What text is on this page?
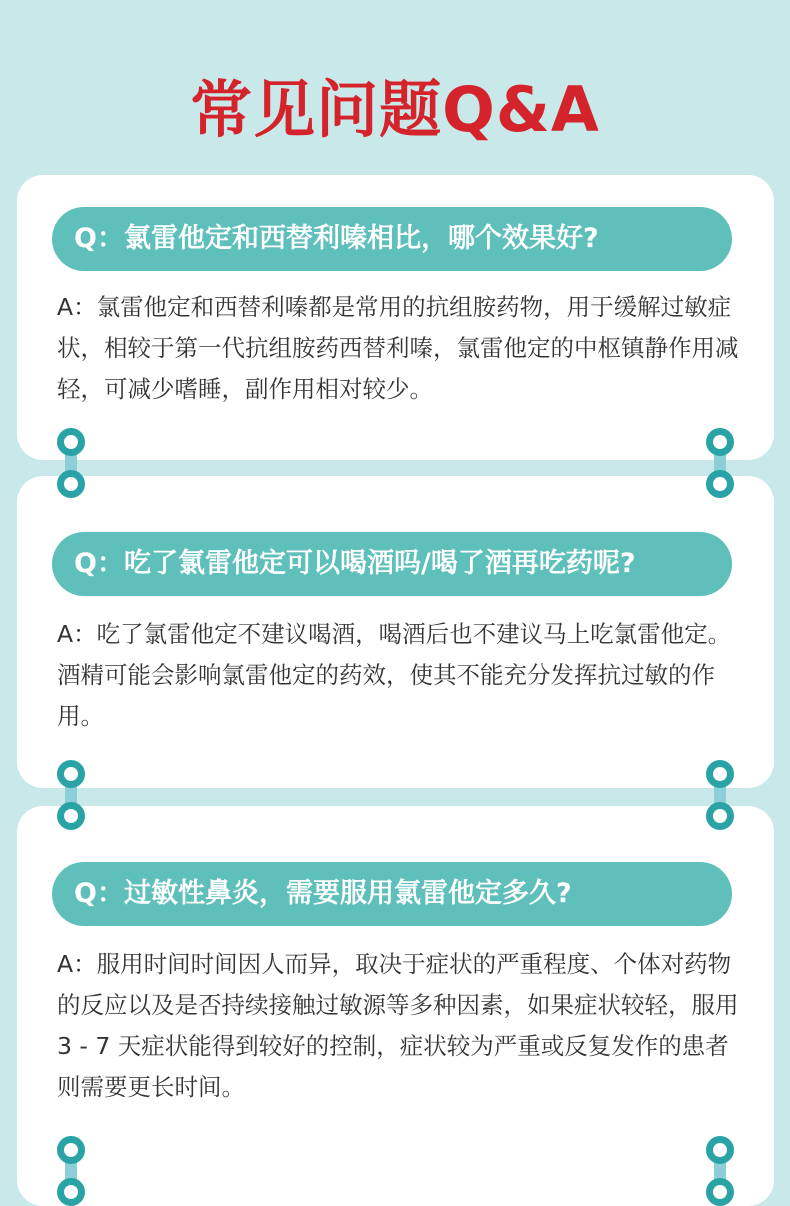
常见问题Q&A
Q：氯雷他定和西替利嗪相比，哪个效果好?

A：氯雷他定和西替利嗪都是常用的抗组胺药物，用于缓解过敏症状，相较于第一代抗组胺药西替利嗪，氯雷他定的中枢镇静作用减轻，可减少嗜睡，副作用相对较少。

Q：吃了氯雷他定可以喝酒吗/喝了酒再吃药呢?

A：吃了氯雷他定不建议喝酒，喝酒后也不建议马上吃氯雷他定。酒精可能会影响氯雷他定的药效，使其不能充分发挥抗过敏的作用。

Q：过敏性鼻炎，需要服用氯雷他定多久?

A：服用时间时间因人而异，取决于症状的严重程度、个体对药物的反应以及是否持续接触过敏源等多种因素，如果症状较轻，服用 3 - 7 天症状能得到较好的控制，症状较为严重或反复发作的患者则需要更长时间。
